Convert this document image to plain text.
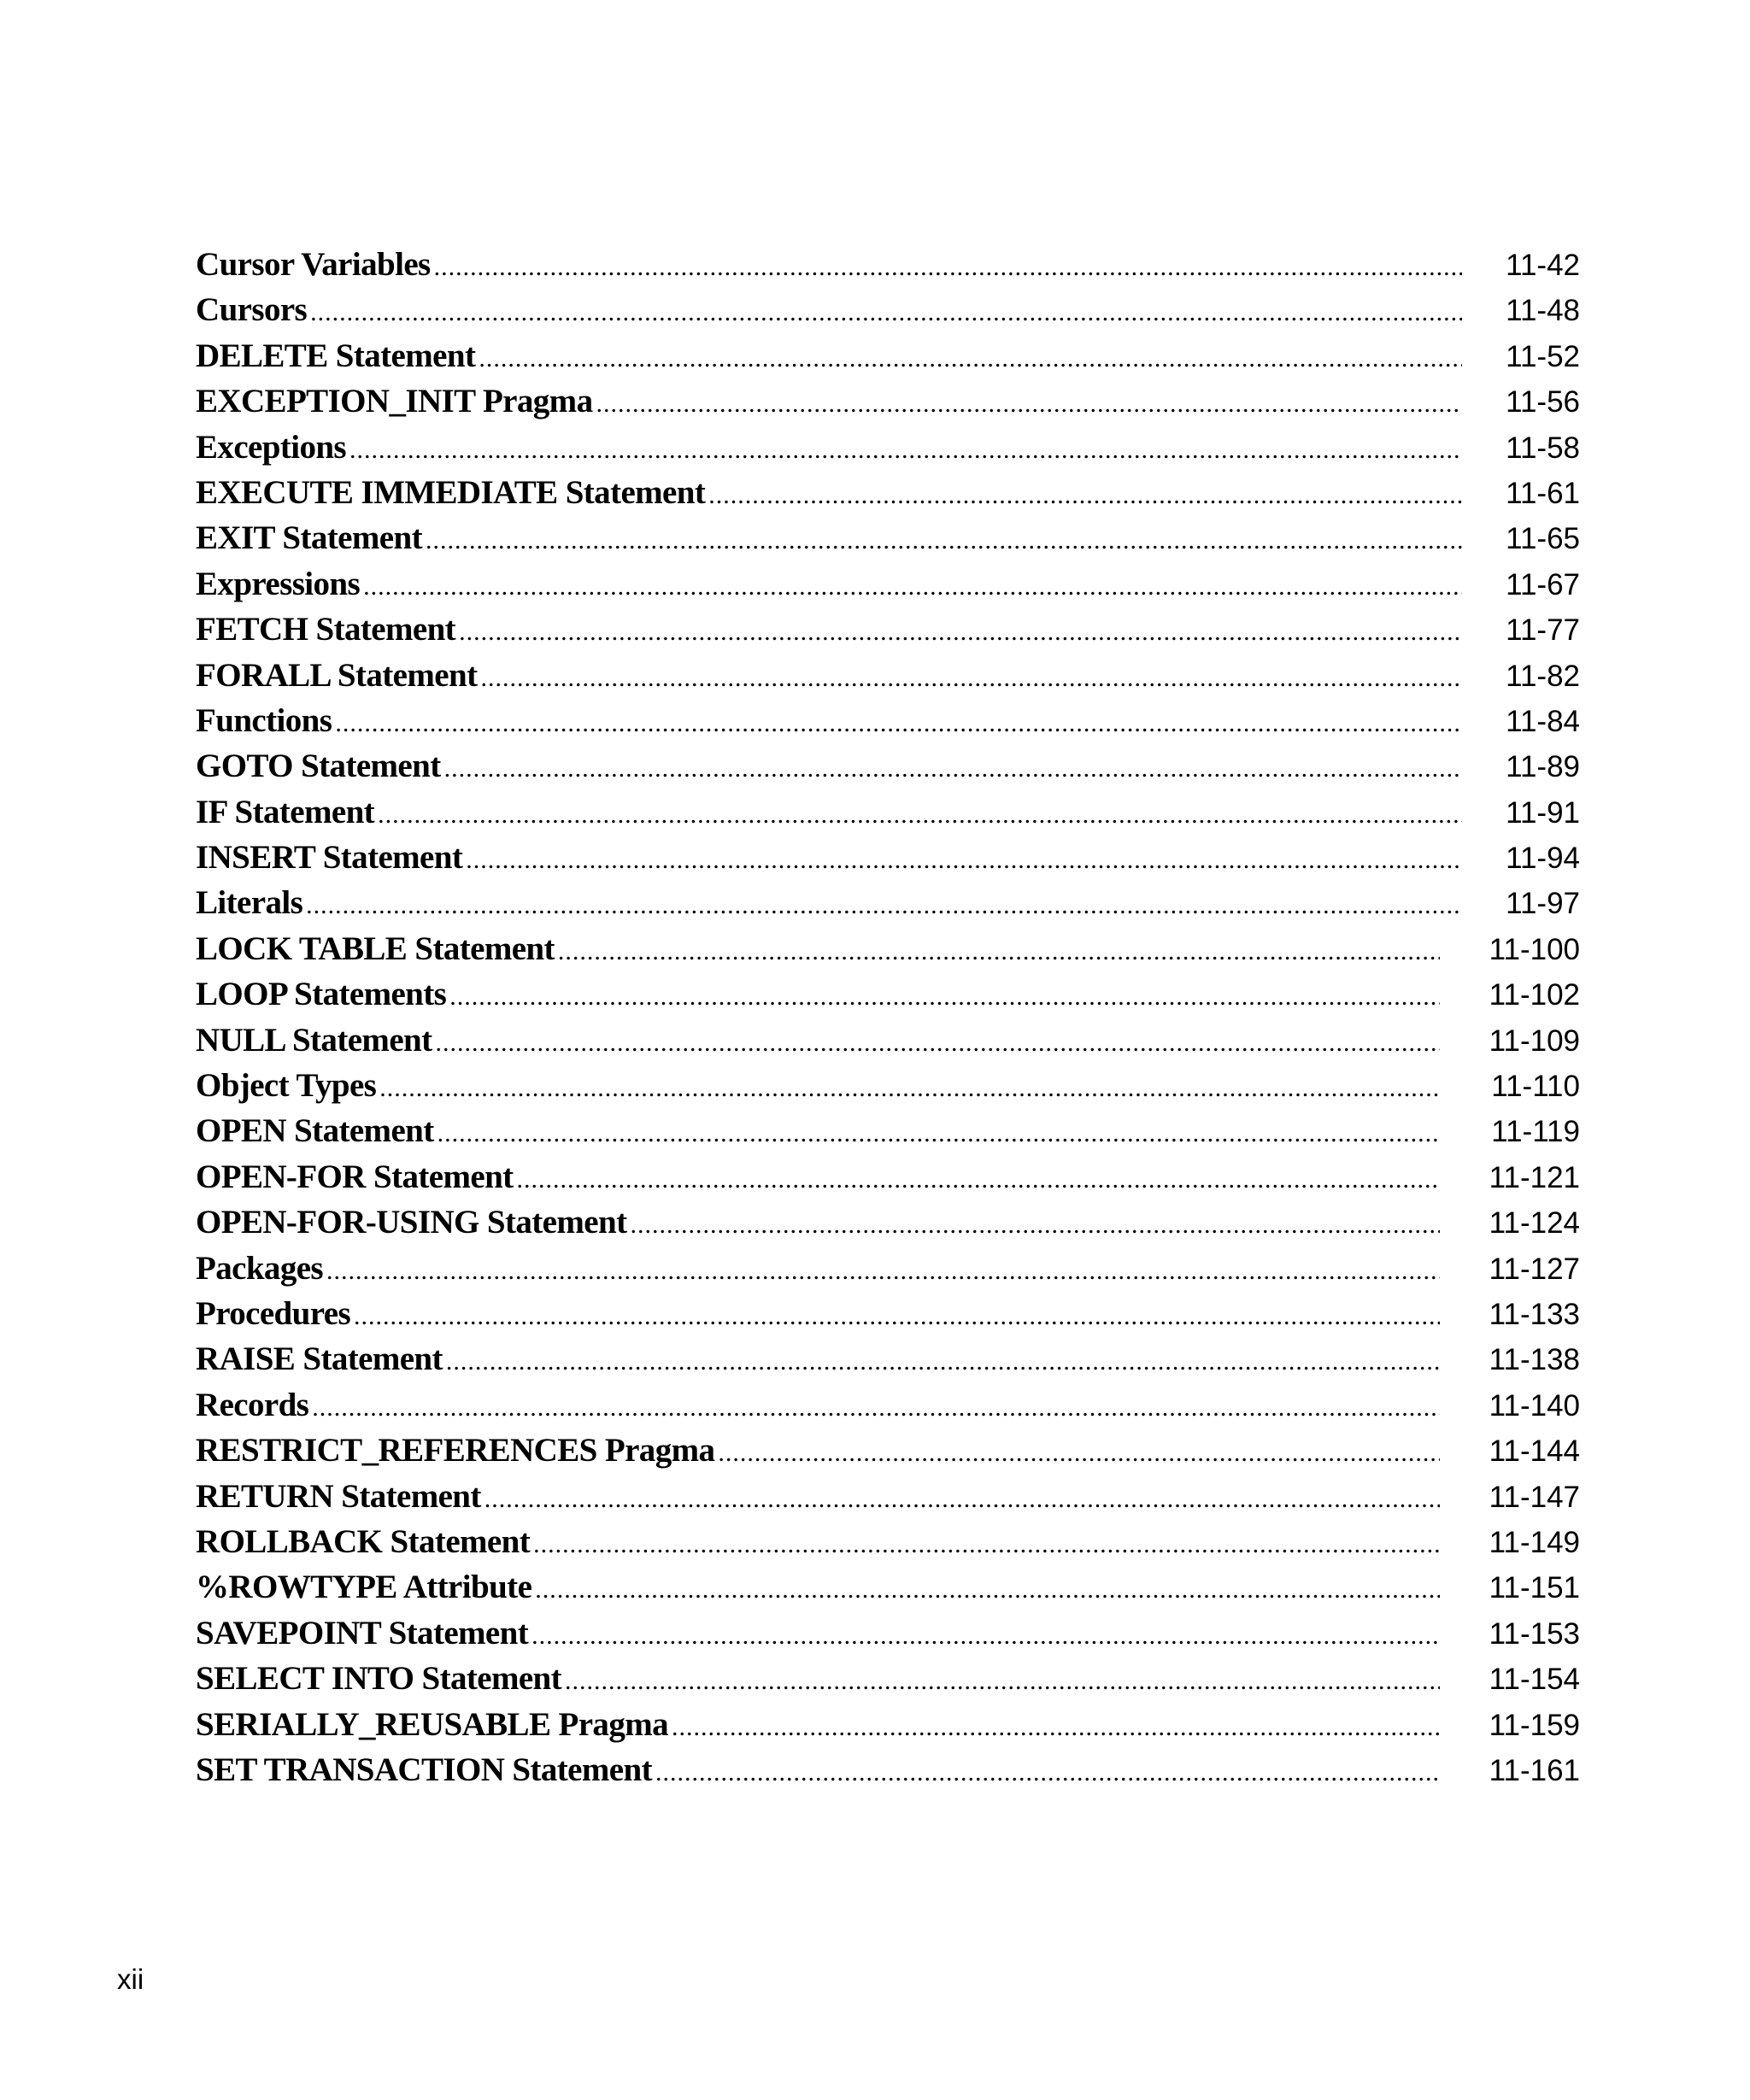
Cursor Variables .....	11-42
Cursors .....	11-48
DELETE Statement .....	11-52
EXCEPTION_INIT Pragma .....	11-56
Exceptions .....	11-58
EXECUTE IMMEDIATE Statement .....	11-61
EXIT Statement .....	11-65
Expressions .....	11-67
FETCH Statement .....	11-77
FORALL Statement .....	11-82
Functions .....	11-84
GOTO Statement .....	11-89
IF Statement .....	11-91
INSERT Statement .....	11-94
Literals .....	11-97
LOCK TABLE Statement .....	11-100
LOOP Statements .....	11-102
NULL Statement .....	11-109
Object Types .....	11-110
OPEN Statement .....	11-119
OPEN-FOR Statement .....	11-121
OPEN-FOR-USING Statement .....	11-124
Packages .....	11-127
Procedures .....	11-133
RAISE Statement .....	11-138
Records .....	11-140
RESTRICT_REFERENCES Pragma .....	11-144
RETURN Statement .....	11-147
ROLLBACK Statement .....	11-149
%ROWTYPE Attribute .....	11-151
SAVEPOINT Statement .....	11-153
SELECT INTO Statement .....	11-154
SERIALLY_REUSABLE Pragma .....	11-159
SET TRANSACTION Statement .....	11-161
xii
